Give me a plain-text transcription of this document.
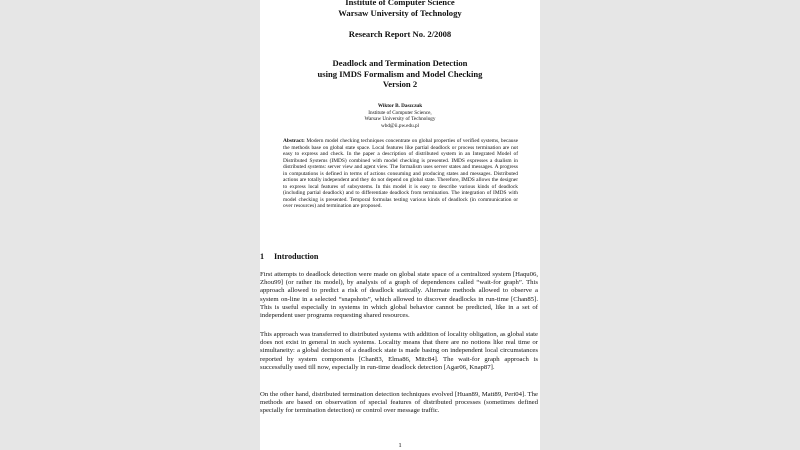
Institute of Computer Science
Warsaw University of Technology
Research Report No. 2/2008
Deadlock and Termination Detection
using IMDS Formalism and Model Checking
Version 2
Wiktor B. Daszczuk
Institute of Computer Science,
Warsaw University of Technology
wbd@ii.pw.edu.pl
Abstract: Modern model checking techniques concentrate on global properties of verified systems, because the methods base on global state space. Local features like partial deadlock or process termination are not easy to express and check. In the paper a description of distributed system in an Integrated Model of Distributed Systems (IMDS) combined with model checking is presented. IMDS expresses a dualism in distributed systems: server view and agent view. The formalism uses server states and messages. A progress in computations is defined in terms of actions consuming and producing states and messages. Distributed actions are totally independent and they do not depend on global state. Therefore, IMDS allows the designer to express local features of subsystems. In this model it is easy to describe various kinds of deadlock (including partial deadlock) and to differentiate deadlock from termination. The integration of IMDS with model checking is presented. Temporal formulas testing various kinds of deadlock (in communication or over resources) and termination are proposed.
1 Introduction
First attempts to deadlock detection were made on global state space of a centralized system [Haqu06, Zhou99] (or rather its model), by analysis of a graph of dependences called “wait-for graph”. This approach allowed to predict a risk of deadlock statically. Alternate methods allowed to observe a system on-line in a selected “snapshots”, which allowed to discover deadlocks in run-time [Chan85]. This is useful especially in systems in which global behavior cannot be predicted, like in a set of independent user programs requesting shared resources.
This approach was transferred to distributed systems with addition of locality obligation, as global state does not exist in general in such systems. Locality means that there are no notions like real time or simultaneity: a global decision of a deadlock state is made basing on independent local circumstances reported by system components [Chan83, Elma86, Mitc84]. The wait-for graph approach is successfully used till now, especially in run-time deadlock detection [Agar06, Knap87].
On the other hand, distributed termination detection techniques evolved [Huan89, Matt89, Peri04]. The methods are based on observation of special features of distributed processes (sometimes defined specially for termination detection) or control over message traffic.
1
